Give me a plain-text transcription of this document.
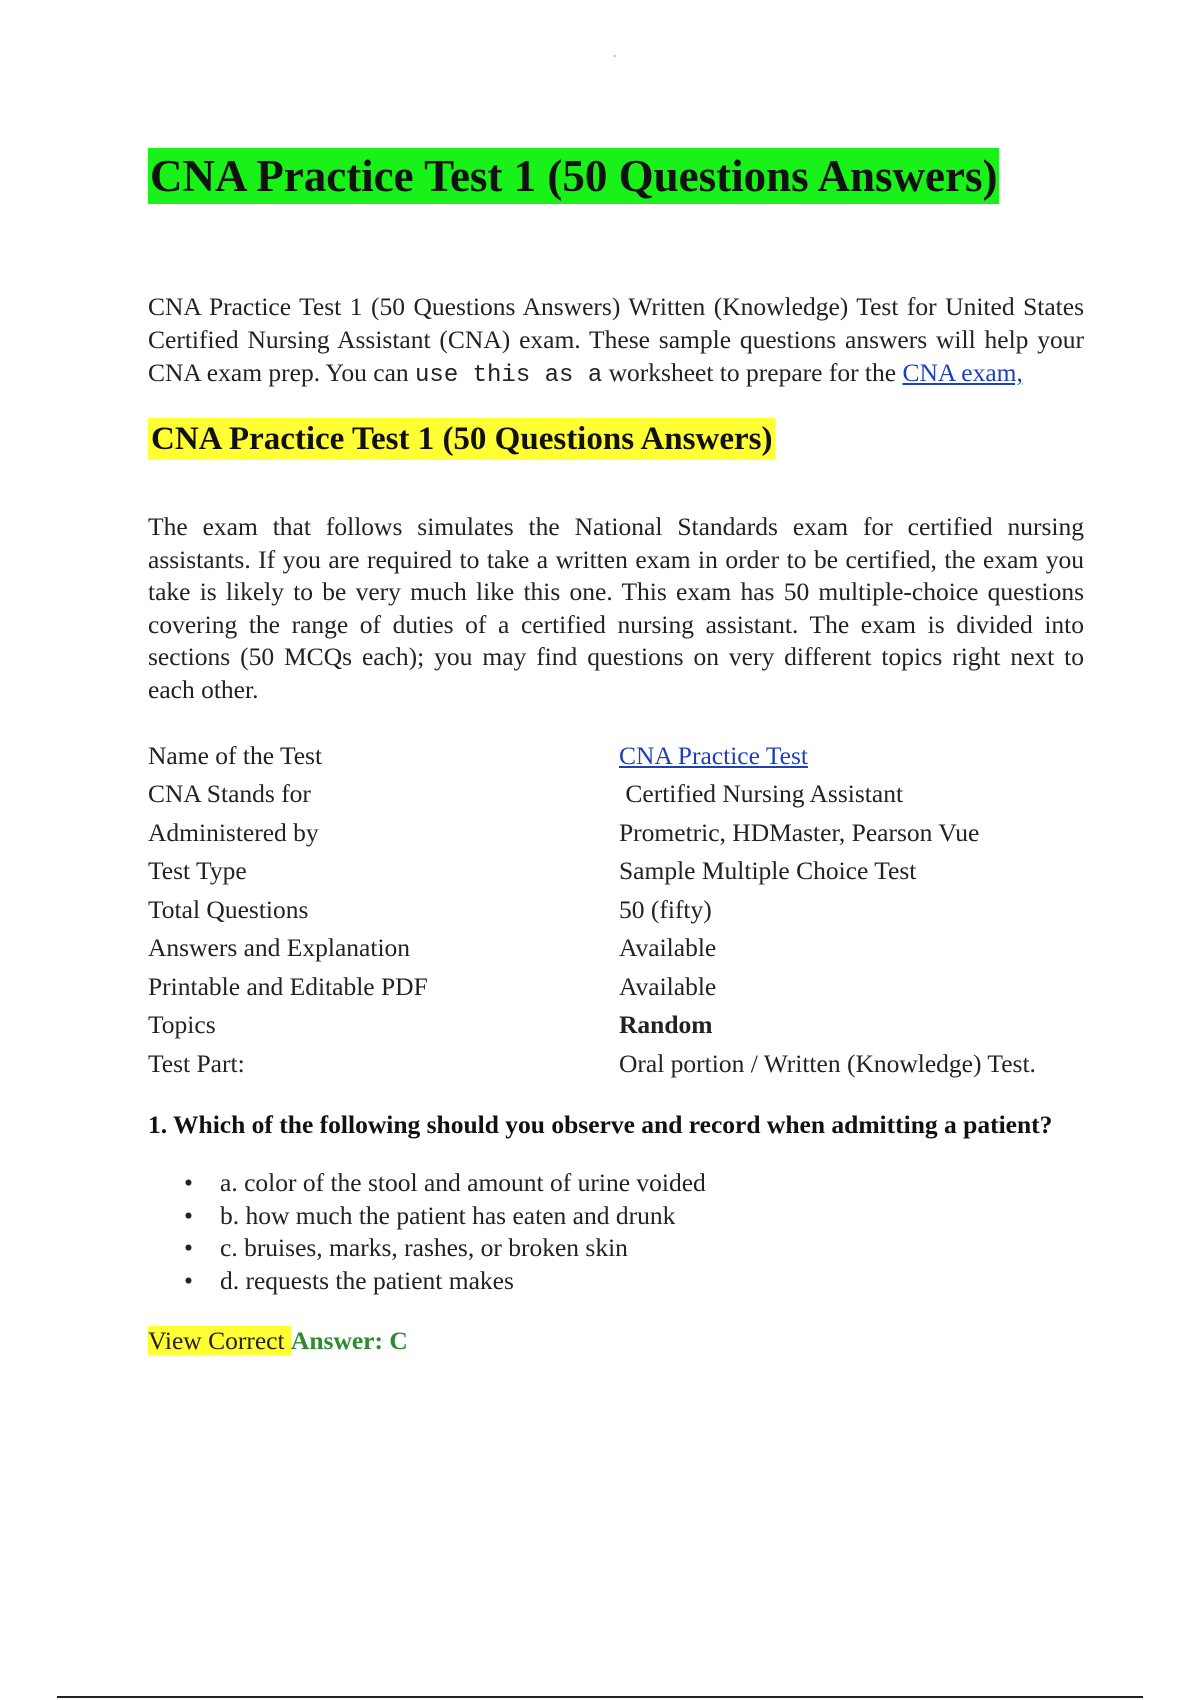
CNA Practice Test 1 (50 Questions Answers)
CNA Practice Test 1 (50 Questions Answers) Written (Knowledge) Test for United States Certified Nursing Assistant (CNA) exam. These sample questions answers will help your CNA exam prep. You can use this as a worksheet to prepare for the CNA exam,
CNA Practice Test 1 (50 Questions Answers)
The exam that follows simulates the National Standards exam for certified nursing assistants. If you are required to take a written exam in order to be certified, the exam you take is likely to be very much like this one. This exam has 50 multiple-choice questions covering the range of duties of a certified nursing assistant. The exam is divided into sections (50 MCQs each); you may find questions on very different topics right next to each other.
Name of the Test	CNA Practice Test
CNA Stands for	Certified Nursing Assistant
Administered by	Prometric, HDMaster, Pearson Vue
Test Type	Sample Multiple Choice Test
Total Questions	50 (fifty)
Answers and Explanation	Available
Printable and Editable PDF	Available
Topics	Random
Test Part:	Oral portion / Written (Knowledge) Test.
1. Which of the following should you observe and record when admitting a patient?
• a. color of the stool and amount of urine voided
• b. how much the patient has eaten and drunk
• c. bruises, marks, rashes, or broken skin
• d. requests the patient makes
View Correct Answer: C
